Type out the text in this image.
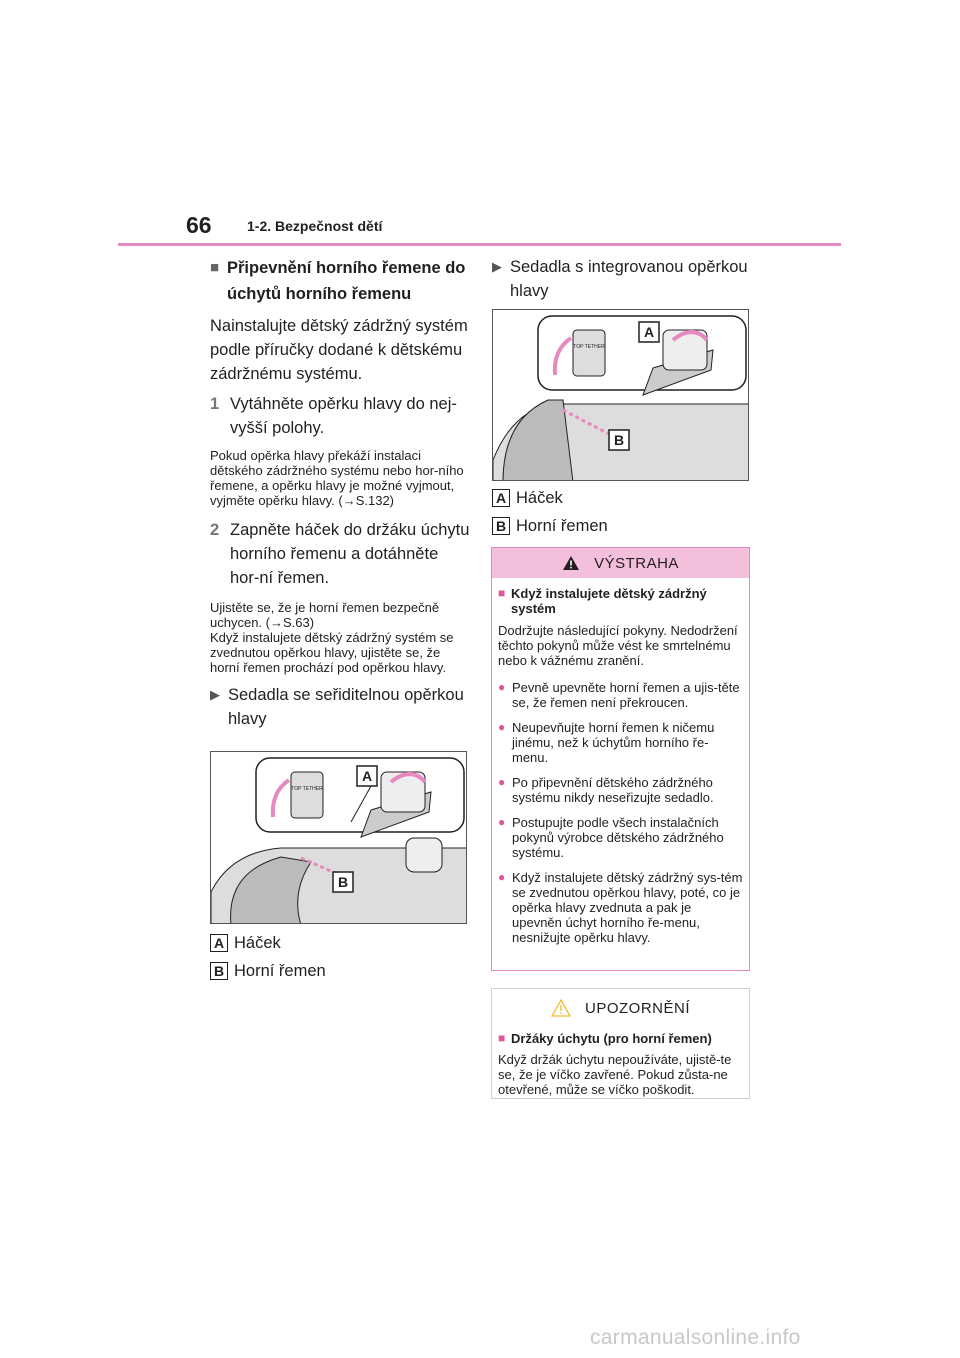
66	1-2. Bezpečnost dětí
■ Připevnění horního řemene do úchytů horního řemenu
Nainstalujte dětský zádržný systém podle příručky dodané k dětskému zádržnému systému.
1 Vytáhněte opěrku hlavy do nej-vyšší polohy.
Pokud opěrka hlavy překáží instalaci dětského zádržného systému nebo hor-ního řemene, a opěrku hlavy je možné vyjmout, vyjměte opěrku hlavy. (→S.132)
2 Zapněte háček do držáku úchytu horního řemenu a dotáhněte hor-ní řemen.
Ujistěte se, že je horní řemen bezpečně uchycen. (→S.63)
Když instalujete dětský zádržný systém se zvednutou opěrkou hlavy, ujistěte se, že horní řemen prochází pod opěrkou hlavy.
▶ Sedadla se seřiditelnou opěrkou hlavy
TOP TETHER
A
B
A Háček
B Horní řemen
▶ Sedadla s integrovanou opěrkou hlavy
TOP TETHER
A
B
A Háček
B Horní řemen
VÝSTRAHA
■ Když instalujete dětský zádržný systém
Dodržujte následující pokyny. Nedodržení těchto pokynů může vést ke smrtelnému nebo k vážnému zranění.
● Pevně upevněte horní řemen a ujis-těte se, že řemen není překroucen.
● Neupevňujte horní řemen k ničemu jinému, než k úchytům horního ře-menu.
● Po připevnění dětského zádržného systému nikdy neseřizujte sedadlo.
● Postupujte podle všech instalačních pokynů výrobce dětského zádržného systému.
● Když instalujete dětský zádržný sys-tém se zvednutou opěrkou hlavy, poté, co je opěrka hlavy zvednuta a pak je upevněn úchyt horního ře-menu, nesnižujte opěrku hlavy.
UPOZORNĚNÍ
■ Držáky úchytu (pro horní řemen)
Když držák úchytu nepoužíváte, ujistě-te se, že je víčko zavřené. Pokud zůsta-ne otevřené, může se víčko poškodit.
carmanualsonline.info
